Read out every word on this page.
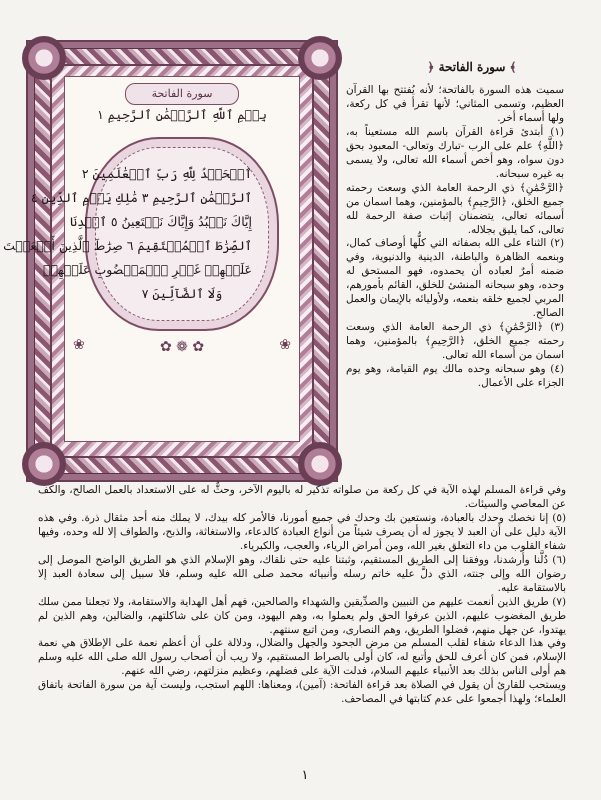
سورة الفاتحة
بِسۡمِ ٱللَّهِ ٱلرَّحۡمَٰنِ ٱلرَّحِيمِ ١
ٱلۡحَمۡدُ لِلَّهِ رَبِّ ٱلۡعَٰلَمِينَ ٢
ٱلرَّحۡمَٰنِ ٱلرَّحِيمِ ٣ مَٰلِكِ يَوۡمِ ٱلدِّينِ ٤
إِيَّاكَ نَعۡبُدُ وَإِيَّاكَ نَسۡتَعِينُ ٥ ٱهۡدِنَا
ٱلصِّرَٰطَ ٱلۡمُسۡتَقِيمَ ٦ صِرَٰطَ ٱلَّذِينَ أَنۡعَمۡتَ
عَلَيۡهِمۡ غَيۡرِ ٱلۡمَغۡضُوبِ عَلَيۡهِمۡ
وَلَا ٱلضَّآلِّينَ ٧
❀	❀
✿ ❁ ✿
﴾ سورة الفاتحة ﴿

سميت هذه السورة بالفاتحة؛ لأنه يُفتتح بها القرآن العظيم، وتسمى المثاني؛ لأنها تقرأ في كل ركعة، ولها أسماء أخر.

(١) أبتدئ قراءة القرآن باسم الله مستعيناً به، ﴿اللَّهِ﴾ علم على الرب -تبارك وتعالى- المعبود بحق دون سواه، وهو أخص أسماء الله تعالى، ولا يسمى به غيره سبحانه.

﴿الرَّحْمَٰنِ﴾ ذي الرحمة العامة الذي وسعت رحمته جميع الخلق، ﴿الرَّحِيمِ﴾ بالمؤمنين، وهما اسمان من أسمائه تعالى، يتضمنان إثبات صفة الرحمة لله تعالى، كما يليق بجلاله.

(٢) الثناء على الله بصفاته التي كلُّها أوصاف كمال، وبنعمه الظاهرة والباطنة، الدينية والدنيوية، وفي ضمنه أمرٌ لعباده أن يحمدوه، فهو المستحق له وحده، وهو سبحانه المنشئ للخلق، القائم بأمورهم، المربي لجميع خلقه بنعمه، ولأوليائه بالإيمان والعمل الصالح.

(٣) ﴿الرَّحْمَٰنِ﴾ ذي الرحمة العامة الذي وسعت رحمته جميع الخلق، ﴿الرَّحِيمِ﴾ بالمؤمنين، وهما اسمان من أسماء الله تعالى.

(٤) وهو سبحانه وحده مالك يوم القيامة، وهو يوم الجزاء على الأعمال.

وفي قراءة المسلم لهذه الآية في كل ركعة من صلواته تذكير له باليوم الآخر، وحثٌّ له على الاستعداد بالعمل الصالح، والكف عن المعاصي والسيئات.

(٥) إنا نخصك وحدك بالعبادة، ونستعين بك وحدك في جميع أمورنا، فالأمر كله بيدك، لا يملك منه أحد مثقال ذرة. وفي هذه الآية دليل على أن العبد لا يجوز له أن يصرف شيئاً من أنواع العبادة كالدعاء، والاستغاثة، والذبح، والطواف إلا لله وحده، وفيها شفاء القلوب من داء التعلق بغير الله، ومن أمراض الرياء، والعجب، والكبرياء.

(٦) دُلَّنا وأرشدنا، ووفقنا إلى الطريق المستقيم، وثبتنا عليه حتى نلقاك، وهو الإسلام الذي هو الطريق الواضح الموصل إلى رضوان الله وإلى جنته، الذي دلَّ عليه خاتم رسله وأنبيائه محمد صلى الله عليه وسلم، فلا سبيل إلى سعادة العبد إلا بالاستقامة عليه.

(٧) طريق الذين أنعمت عليهم من النبيين والصدِّيقين والشهداء والصالحين، فهم أهل الهداية والاستقامة، ولا تجعلنا ممن سلك طريق المغضوب عليهم، الذين عرفوا الحق ولم يعملوا به، وهم اليهود، ومن كان على شاكلتهم، والضالين، وهم الذين لم يهتدوا، عن جهل منهم، فضلوا الطريق، وهم النصارى، ومن اتبع سنتهم.

وفي هذا الدعاء شفاء لقلب المسلم من مرض الجحود والجهل والضلال، ودلالة على أن أعظم نعمة على الإطلاق هي نعمة الإسلام، فمن كان أعرف للحق وأتبع له، كان أولى بالصراط المستقيم، ولا ريب أن أصحاب رسول الله صلى الله عليه وسلم هم أولى الناس بذلك بعد الأنبياء عليهم السلام، فدلت الآية على فضلهم، وعظيم منزلتهم، رضي الله عنهم.

ويستحب للقارئ أن يقول في الصلاة بعد قراءة الفاتحة: (آمين)، ومعناها: اللهم استجب، وليست آية من سورة الفاتحة باتفاق العلماء؛ ولهذا أجمعوا على عدم كتابتها في المصاحف.

١
